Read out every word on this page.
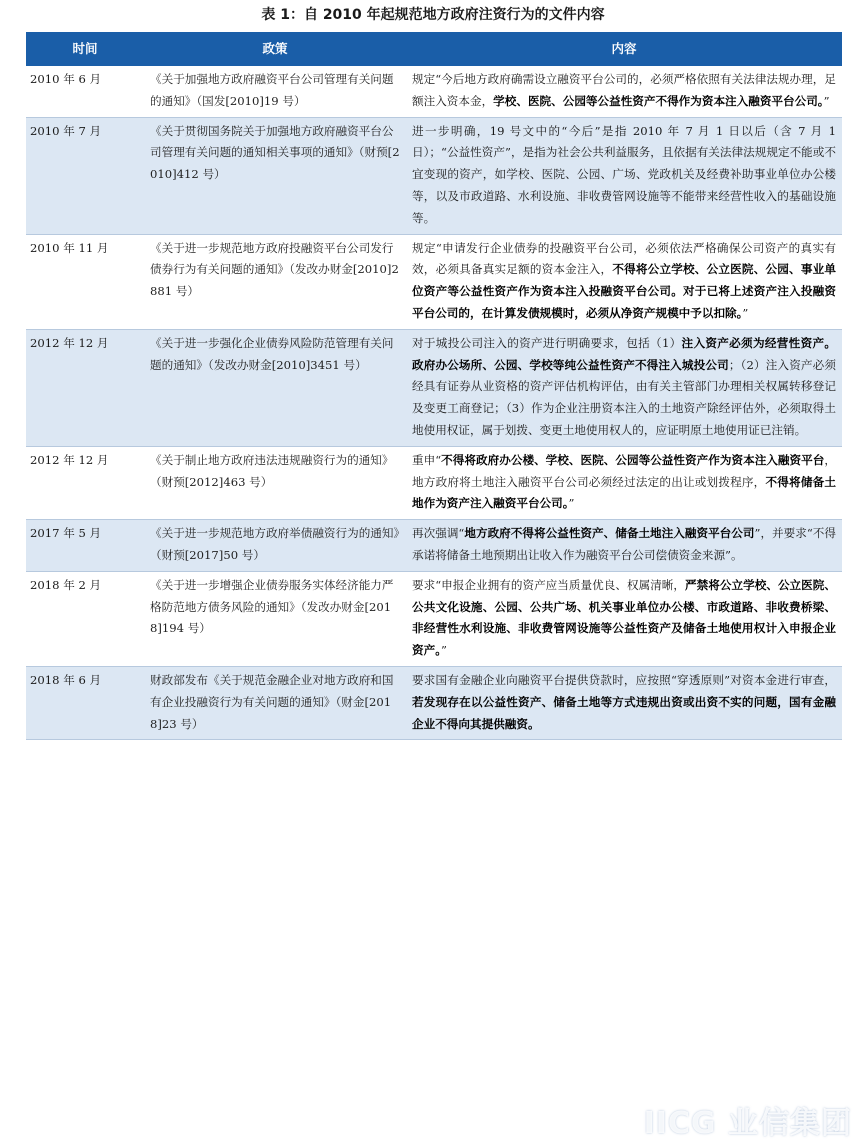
表 1：自 2010 年起规范地方政府注资行为的文件内容
时间	政策	内容
2010 年 6 月	《关于加强地方政府融资平台公司管理有关问题的通知》（国发[2010]19 号）	规定“今后地方政府确需设立融资平台公司的，必须严格依照有关法律法规办理，足额注入资本金，学校、医院、公园等公益性资产不得作为资本注入融资平台公司。”
2010 年 7 月	《关于贯彻国务院关于加强地方政府融资平台公司管理有关问题的通知相关事项的通知》（财预[2010]412 号）	进一步明确，19 号文中的“今后”是指 2010 年 7 月 1 日以后（含 7 月 1 日）；“公益性资产”，是指为社会公共利益服务，且依据有关法律法规规定不能或不宜变现的资产，如学校、医院、公园、广场、党政机关及经费补助事业单位办公楼等，以及市政道路、水利设施、非收费管网设施等不能带来经营性收入的基础设施等。
2010 年 11 月	《关于进一步规范地方政府投融资平台公司发行债券行为有关问题的通知》（发改办财金[2010]2881 号）	规定“申请发行企业债券的投融资平台公司，必须依法严格确保公司资产的真实有效，必须具备真实足额的资本金注入，不得将公立学校、公立医院、公园、事业单位资产等公益性资产作为资本注入投融资平台公司。对于已将上述资产注入投融资平台公司的，在计算发债规模时，必须从净资产规模中予以扣除。”
2012 年 12 月	《关于进一步强化企业债券风险防范管理有关问题的通知》（发改办财金[2010]3451 号）	对于城投公司注入的资产进行明确要求，包括（1）注入资产必须为经营性资产。政府办公场所、公园、学校等纯公益性资产不得注入城投公司；（2）注入资产必须经具有证券从业资格的资产评估机构评估，由有关主管部门办理相关权属转移登记及变更工商登记；（3）作为企业注册资本注入的土地资产除经评估外，必须取得土地使用权证，属于划拨、变更土地使用权人的，应证明原土地使用证已注销。
2012 年 12 月	《关于制止地方政府违法违规融资行为的通知》（财预[2012]463 号）	重申“不得将政府办公楼、学校、医院、公园等公益性资产作为资本注入融资平台，地方政府将土地注入融资平台公司必须经过法定的出让或划拨程序，不得将储备土地作为资产注入融资平台公司。”
2017 年 5 月	《关于进一步规范地方政府举债融资行为的通知》（财预[2017]50 号）	再次强调“地方政府不得将公益性资产、储备土地注入融资平台公司”，并要求“不得承诺将储备土地预期出让收入作为融资平台公司偿债资金来源”。
2018 年 2 月	《关于进一步增强企业债券服务实体经济能力严格防范地方债务风险的通知》（发改办财金[2018]194 号）	要求“申报企业拥有的资产应当质量优良、权属清晰，严禁将公立学校、公立医院、公共文化设施、公园、公共广场、机关事业单位办公楼、市政道路、非收费桥梁、非经营性水利设施、非收费管网设施等公益性资产及储备土地使用权计入申报企业资产。”
2018 年 6 月	财政部发布《关于规范金融企业对地方政府和国有企业投融资行为有关问题的通知》（财金[2018]23 号）	要求国有金融企业向融资平台提供贷款时，应按照“穿透原则”对资本金进行审查，若发现存在以公益性资产、储备土地等方式违规出资或出资不实的问题，国有金融企业不得向其提供融资。
IICG 业信集团
